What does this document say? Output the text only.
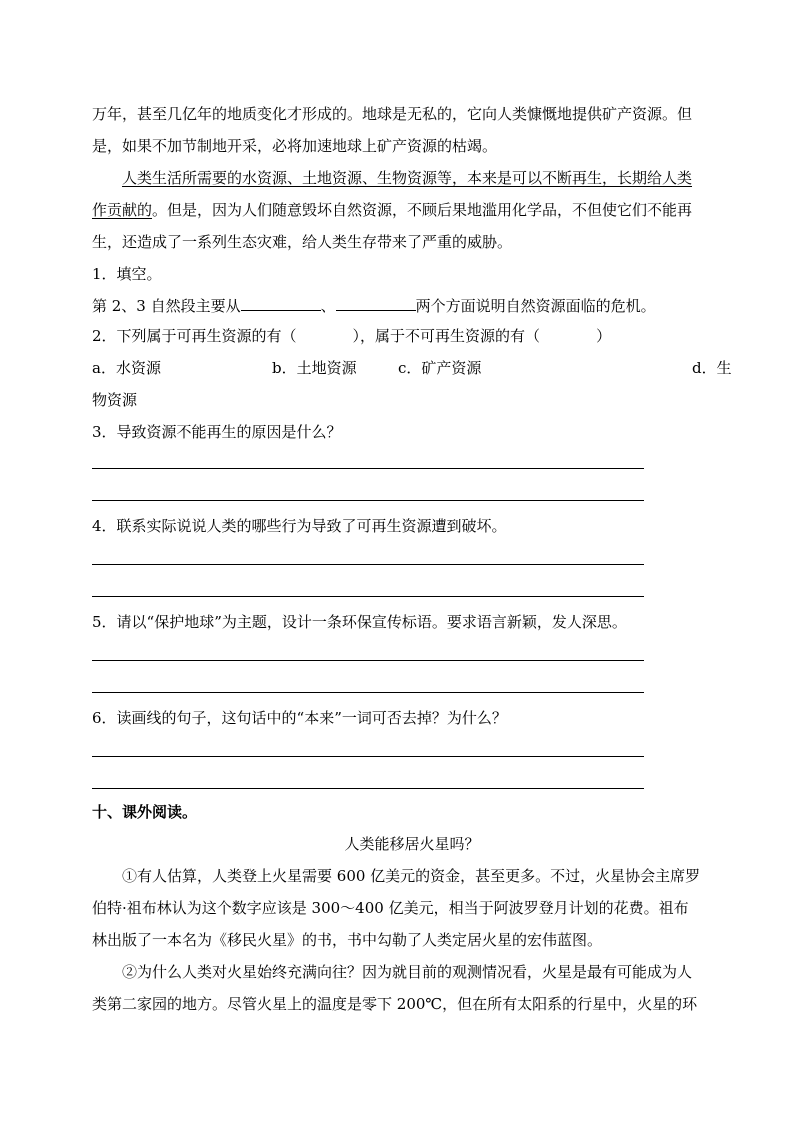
万年，甚至几亿年的地质变化才形成的。地球是无私的，它向人类慷慨地提供矿产资源。但
是，如果不加节制地开采，必将加速地球上矿产资源的枯竭。
人类生活所需要的水资源、土地资源、生物资源等，本来是可以不断再生，长期给人类
作贡献的。但是，因为人们随意毁坏自然资源，不顾后果地滥用化学品，不但使它们不能再
生，还造成了一系列生态灾难，给人类生存带来了严重的威胁。
1．填空。
第 2、3 自然段主要从	、	两个方面说明自然资源面临的危机。
2．下列属于可再生资源的有（	），属于不可再生资源的有（	）
a．水资源	b．土地资源	c．矿产资源	d．生
物资源
3．导致资源不能再生的原因是什么？
4．联系实际说说人类的哪些行为导致了可再生资源遭到破坏。
5．请以“保护地球”为主题，设计一条环保宣传标语。要求语言新颖，发人深思。
6．读画线的句子，这句话中的“本来”一词可否去掉？为什么？
十、课外阅读。
人类能移居火星吗？
①有人估算，人类登上火星需要 600 亿美元的资金，甚至更多。不过，火星协会主席罗
伯特·祖布林认为这个数字应该是 300～400 亿美元，相当于阿波罗登月计划的花费。祖布
林出版了一本名为《移民火星》的书，书中勾勒了人类定居火星的宏伟蓝图。
②为什么人类对火星始终充满向往？因为就目前的观测情况看，火星是最有可能成为人
类第二家园的地方。尽管火星上的温度是零下 200℃，但在所有太阳系的行星中，火星的环
